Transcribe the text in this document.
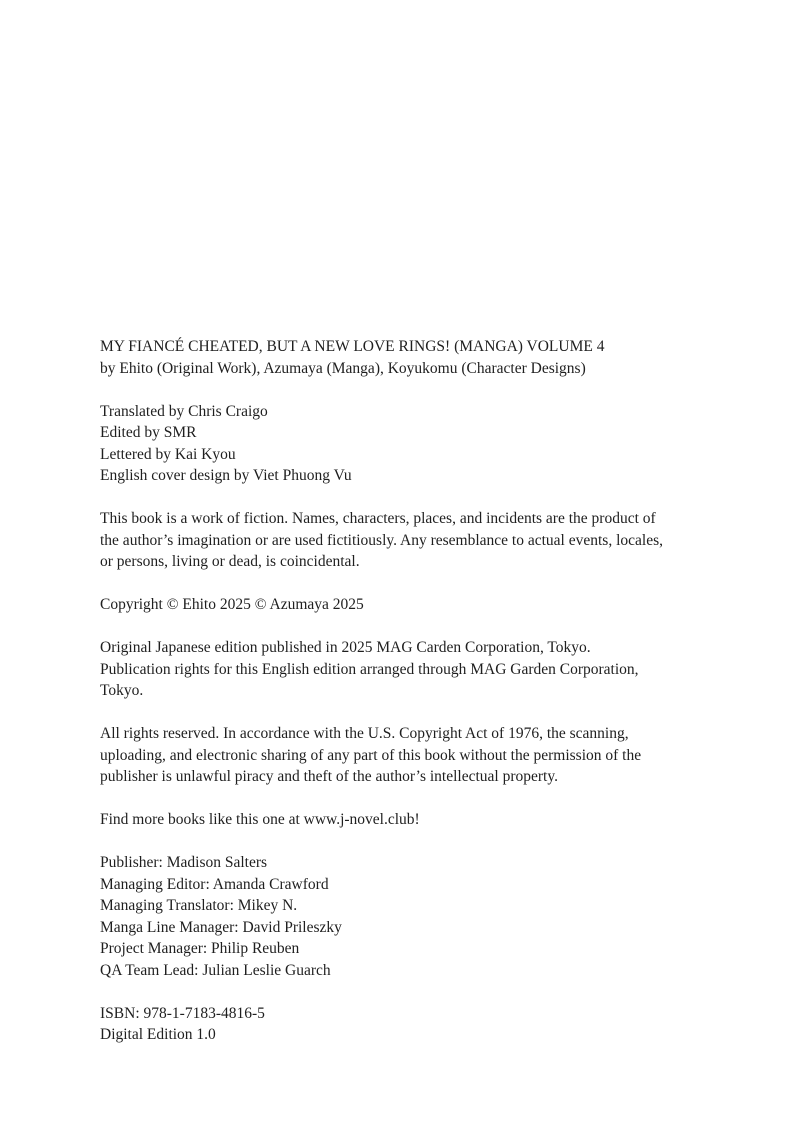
MY FIANCÉ CHEATED, BUT A NEW LOVE RINGS! (MANGA) VOLUME 4
by Ehito (Original Work), Azumaya (Manga), Koyukomu (Character Designs)
Translated by Chris Craigo
Edited by SMR
Lettered by Kai Kyou
English cover design by Viet Phuong Vu
This book is a work of fiction. Names, characters, places, and incidents are the product of
the author’s imagination or are used fictitiously. Any resemblance to actual events, locales,
or persons, living or dead, is coincidental.
Copyright © Ehito 2025 © Azumaya 2025
Original Japanese edition published in 2025 MAG Carden Corporation, Tokyo.
Publication rights for this English edition arranged through MAG Garden Corporation,
Tokyo.
All rights reserved. In accordance with the U.S. Copyright Act of 1976, the scanning,
uploading, and electronic sharing of any part of this book without the permission of the
publisher is unlawful piracy and theft of the author’s intellectual property.
Find more books like this one at www.j-novel.club!
Publisher: Madison Salters
Managing Editor: Amanda Crawford
Managing Translator: Mikey N.
Manga Line Manager: David Prileszky
Project Manager: Philip Reuben
QA Team Lead: Julian Leslie Guarch
ISBN: 978-1-7183-4816-5
Digital Edition 1.0
